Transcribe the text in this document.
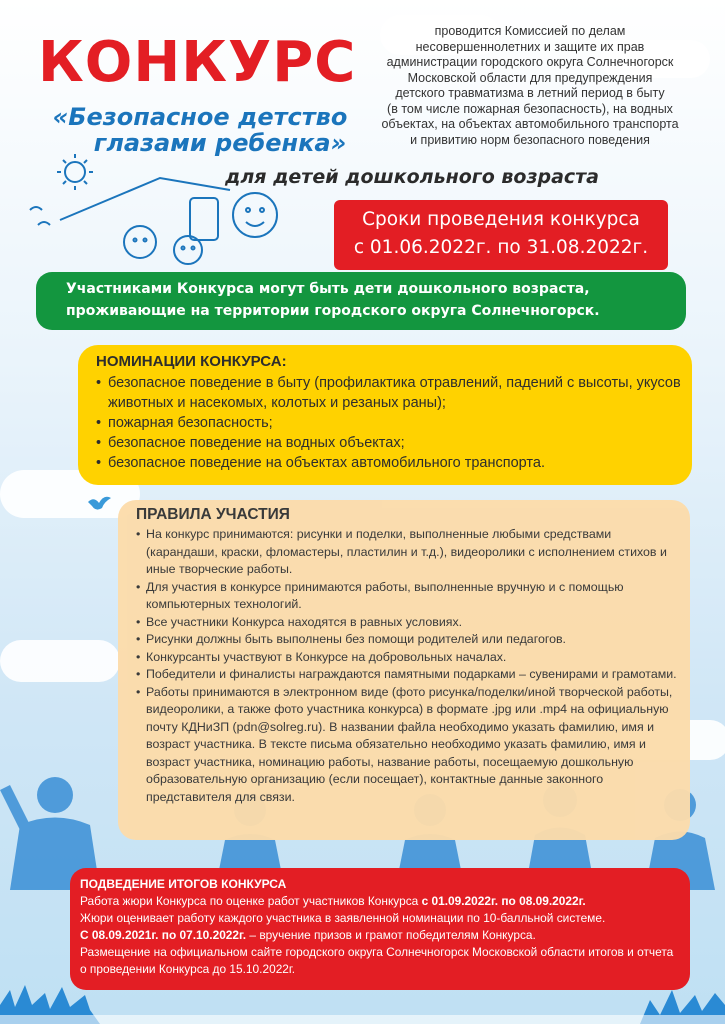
КОНКУРС
«Безопасное детство
глазами ребенка»
проводится Комиссией по делам
несовершеннолетних и защите их прав
администрации городского округа Солнечногорск
Московской области для предупреждения
детского травматизма в летний период в быту
(в том числе пожарная безопасность), на водных
объектах, на объектах автомобильного транспорта
и привитию норм безопасного поведения
для детей дошкольного возраста
Сроки проведения конкурса
с 01.06.2022г. по 31.08.2022г.
Участниками Конкурса могут быть дети дошкольного возраста,
проживающие на территории городского округа Солнечногорск.
НОМИНАЦИИ КОНКУРСА:
• безопасное поведение в быту (профилактика отравлений, падений с высоты, укусов животных и насекомых, колотых и резаных раны);
• пожарная безопасность;
• безопасное поведение на водных объектах;
• безопасное поведение на объектах автомобильного транспорта.
ПРАВИЛА УЧАСТИЯ
• На конкурс принимаются: рисунки и поделки, выполненные любыми средствами (карандаши, краски, фломастеры, пластилин и т.д.), видеоролики с исполнением стихов и иные творческие работы.
• Для участия в конкурсе принимаются работы, выполненные вручную и с помощью компьютерных технологий.
• Все участники Конкурса находятся в равных условиях.
• Рисунки должны быть выполнены без помощи родителей или педагогов.
• Конкурсанты участвуют в Конкурсе на добровольных началах.
• Победители и финалисты награждаются памятными подарками – сувенирами и грамотами.
• Работы принимаются в электронном виде (фото рисунка/поделки/иной творческой работы, видеоролики, а также фото участника конкурса) в формате .jpg или .mp4 на официальную почту КДНиЗП (pdn@solreg.ru). В названии файла необходимо указать фамилию, имя и возраст участника. В тексте письма обязательно необходимо указать фамилию, имя и возраст участника, номинацию работы, название работы, посещаемую дошкольную образовательную организацию (если посещает), контактные данные законного представителя для связи.
ПОДВЕДЕНИЕ ИТОГОВ КОНКУРСА

Работа жюри Конкурса по оценке работ участников Конкурса с 01.09.2022г. по 08.09.2022г.

Жюри оценивает работу каждого участника в заявленной номинации по 10-балльной системе.

С 08.09.2021г. по 07.10.2022г. – вручение призов и грамот победителям Конкурса.

Размещение на официальном сайте городского округа Солнечногорск Московской области итогов и отчета о проведении Конкурса до 15.10.2022г.
